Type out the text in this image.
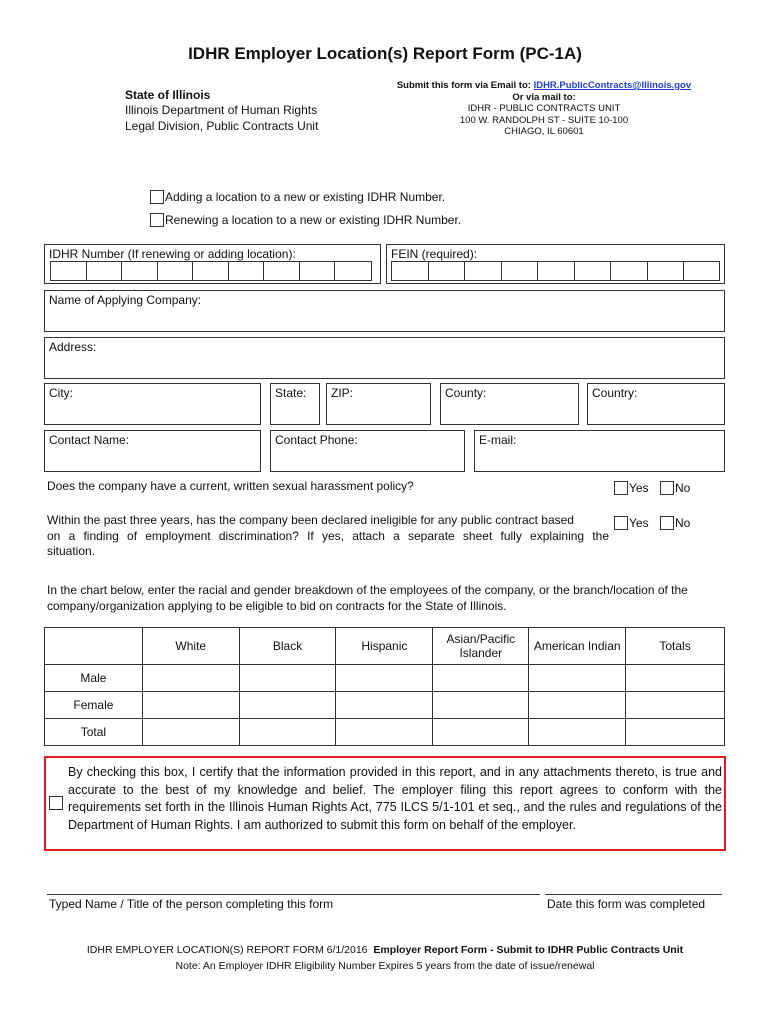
IDHR Employer Location(s) Report Form (PC-1A)
State of Illinois
Illinois Department of Human Rights
Legal Division, Public Contracts Unit
Submit this form via Email to: IDHR.PublicContracts@Illinois.gov
Or via mail to:
IDHR - PUBLIC CONTRACTS UNIT
100 W. RANDOLPH ST - SUITE 10-100
CHIAGO, IL 60601
Adding a location to a new or existing IDHR Number.
Renewing a location to a new or existing IDHR Number.
IDHR Number (If renewing or adding location):	FEIN (required):
Name of Applying Company:
Address:
City:	State: ZIP:	County:	Country:
Contact Name:	Contact Phone:	E-mail:
Does the company have a current, written sexual harassment policy?	Yes No
Within the past three years, has the company been declared ineligible for any public contract based
on a finding of employment discrimination? If yes, attach a separate sheet fully explaining the
situation.
Yes No
In the chart below, enter the racial and gender breakdown of the employees of the company, or the branch/location of the
company/organization applying to be eligible to bid on contracts for the State of Illinois.
	White	Black	Hispanic	Asian/Pacific
Islander	American Indian	Totals
Male						
Female						
Total						
By checking this box, I certify that the information provided in this report, and in any attachments thereto, is true and accurate to the best of my knowledge and belief. The employer filing this report agrees to conform with the requirements set forth in the Illinois Human Rights Act, 775 ILCS 5/1-101 et seq., and the rules and regulations of the Department of Human Rights. I am authorized to submit this form on behalf of the employer.
Typed Name / Title of the person completing this form	Date this form was completed
IDHR EMPLOYER LOCATION(S) REPORT FORM 6/1/2016 Employer Report Form - Submit to IDHR Public Contracts Unit
Note: An Employer IDHR Eligibility Number Expires 5 years from the date of issue/renewal
